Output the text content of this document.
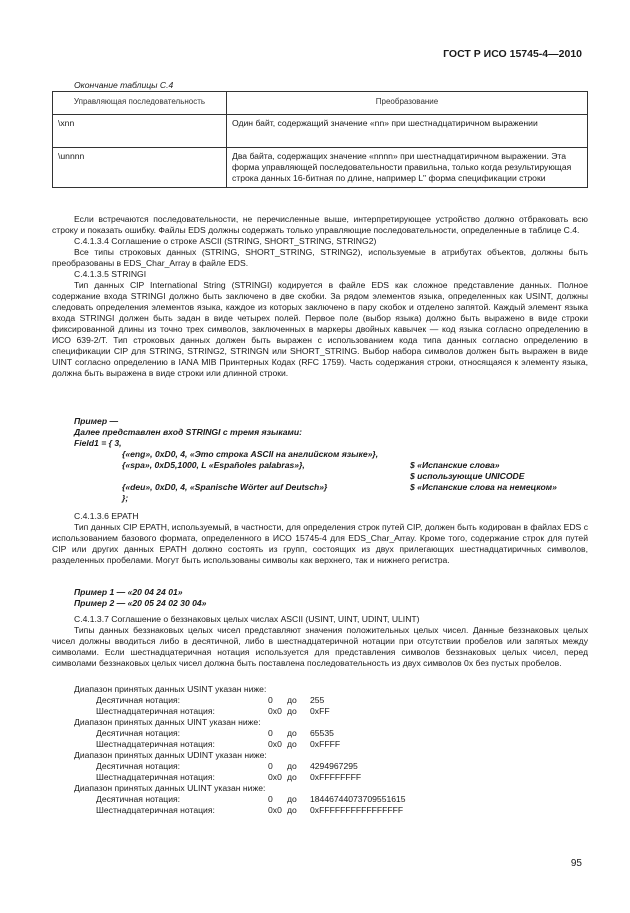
ГОСТ Р ИСО 15745-4—2010
Окончание таблицы С.4
Управляющая последовательность	Преобразование
\xnn	Один байт, содержащий значение «nn» при шестнадцатиричном выражении
\unnnn	Два байта, содержащих значение «nnnn» при шестнадцатиричном выражении. Эта форма управляющей последовательности правильна, только когда результирующая строка данных 16-битная по длине, например L" форма спецификации строки

Если встречаются последовательности, не перечисленные выше, интерпретирующее устройство должно отбраковать всю строку и показать ошибку. Файлы EDS должны содержать только управляющие последовательности, определенные в таблице С.4.

С.4.1.3.4 Соглашение о строке ASCII (STRING, SHORT_STRING, STRING2)

Все типы строковых данных (STRING, SHORT_STRING, STRING2), используемые в атрибутах объектов, должны быть преобразованы в EDS_Char_Array в файле EDS.

С.4.1.3.5 STRINGI

Тип данных CIP International String (STRINGI) кодируется в файле EDS как сложное представление данных. Полное содержание входа STRINGI должно быть заключено в две скобки. За рядом элементов языка, определенных как USINT, должны следовать определения элементов языка, каждое из которых заключено в пару скобок и отделено запятой. Каждый элемент языка входа STRINGI должен быть задан в виде четырех полей. Первое поле (выбор языка) должно быть выражено в виде строки фиксированной длины из точно трех символов, заключенных в маркеры двойных кавычек — код языка согласно определению в ИСО 639-2/T. Тип строковых данных должен быть выражен с использованием кода типа данных согласно определению в спецификации CIP для STRING, STRING2, STRINGN или SHORT_STRING. Выбор набора символов должен быть выражен в виде UINT согласно определению в IANA MIB Принтерных Кодах (RFC 1759). Часть содержания строки, относящаяся к элементу языка, должна быть выражена в виде строки или длинной строки.

Пример —
Далее представлен вход STRINGI с тремя языками:
Field1 = { 3,
{«eng», 0xD0, 4, «Это строка ASCII на английском языке»},
{«spa», 0xD5,1000, L «Españoles palabras»},	$ «Испанские слова»
$ использующие UNICODE
{«deu», 0xD0, 4, «Spanische Wörter auf Deutsch»}	$ «Испанские слова на немецком»
};

С.4.1.3.6 EPATH

Тип данных CIP EPATH, используемый, в частности, для определения строк путей CIP, должен быть кодирован в файлах EDS с использованием базового формата, определенного в ИСО 15745-4 для EDS_Char_Array. Кроме того, содержание строк для путей CIP или других данных EPATH должно состоять из групп, состоящих из двух прилегающих шестнадцатиричных символов, разделенных пробелами. Могут быть использованы символы как верхнего, так и нижнего регистра.

Пример 1 — «20 04 24 01»
Пример 2 — «20 05 24 02 30 04»

С.4.1.3.7 Соглашение о беззнаковых целых числах ASCII (USINT, UINT, UDINT, ULINT)

Типы данных беззнаковых целых чисел представляют значения положительных целых чисел. Данные беззнаковых целых чисел должны вводиться либо в десятичной, либо в шестнадцатеричной нотации при отсутствии пробелов или запятых между символами. Если шестнадцатеричная нотация используется для представления символов беззнаковых целых чисел, перед символами беззнаковых целых чисел должна быть поставлена последовательность из двух символов 0x без пустых пробелов.

Диапазон принятых данных USINT указан ниже:
Десятичная нотация:	0 до 255
Шестнадцатеричная нотация:	0x0 до 0xFF
Диапазон принятых данных UINT указан ниже:
Десятичная нотация:	0 до 65535
Шестнадцатеричная нотация:	0x0 до 0xFFFF
Диапазон принятых данных UDINT указан ниже:
Десятичная нотация:	0 до 4294967295
Шестнадцатеричная нотация:	0x0 до 0xFFFFFFFF
Диапазон принятых данных ULINT указан ниже:
Десятичная нотация:	0 до 18446744073709551615
Шестнадцатеричная нотация:	0x0 до 0xFFFFFFFFFFFFFFFF
95
